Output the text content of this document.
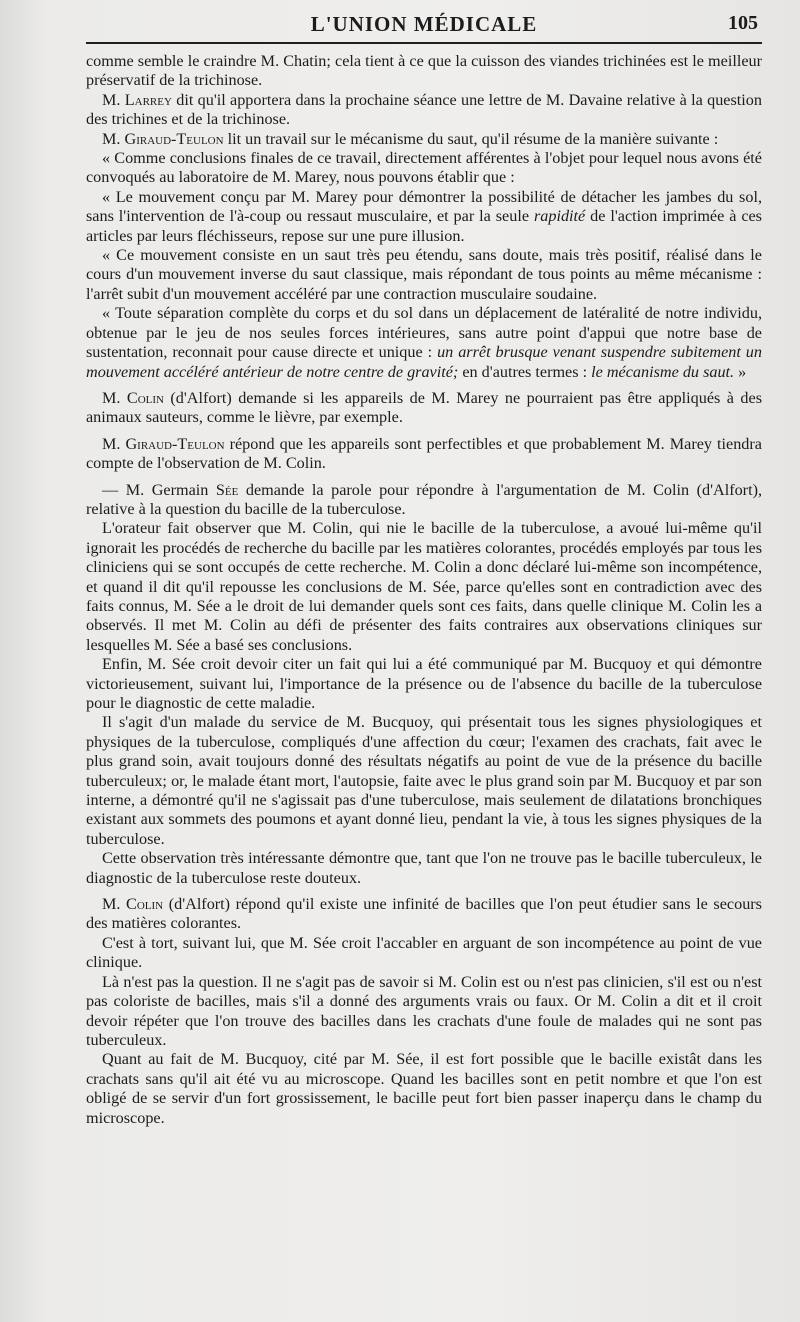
L'UNION MÉDICALE	105

comme semble le craindre M. Chatin; cela tient à ce que la cuisson des viandes trichinées est le meilleur préservatif de la trichinose.

M. Larrey dit qu'il apportera dans la prochaine séance une lettre de M. Davaine relative à la question des trichines et de la trichinose.

M. Giraud-Teulon lit un travail sur le mécanisme du saut, qu'il résume de la manière suivante :

« Comme conclusions finales de ce travail, directement afférentes à l'objet pour lequel nous avons été convoqués au laboratoire de M. Marey, nous pouvons établir que :

« Le mouvement conçu par M. Marey pour démontrer la possibilité de détacher les jambes du sol, sans l'intervention de l'à-coup ou ressaut musculaire, et par la seule rapidité de l'action imprimée à ces articles par leurs fléchisseurs, repose sur une pure illusion.

« Ce mouvement consiste en un saut très peu étendu, sans doute, mais très positif, réalisé dans le cours d'un mouvement inverse du saut classique, mais répondant de tous points au même mécanisme : l'arrêt subit d'un mouvement accéléré par une contraction musculaire soudaine.

« Toute séparation complète du corps et du sol dans un déplacement de latéralité de notre individu, obtenue par le jeu de nos seules forces intérieures, sans autre point d'appui que notre base de sustentation, reconnait pour cause directe et unique : un arrêt brusque venant suspendre subitement un mouvement accéléré antérieur de notre centre de gravité; en d'autres termes : le mécanisme du saut. »

M. Colin (d'Alfort) demande si les appareils de M. Marey ne pourraient pas être appliqués à des animaux sauteurs, comme le lièvre, par exemple.

M. Giraud-Teulon répond que les appareils sont perfectibles et que probablement M. Marey tiendra compte de l'observation de M. Colin.

— M. Germain Sée demande la parole pour répondre à l'argumentation de M. Colin (d'Alfort), relative à la question du bacille de la tuberculose.

L'orateur fait observer que M. Colin, qui nie le bacille de la tuberculose, a avoué lui-même qu'il ignorait les procédés de recherche du bacille par les matières colorantes, procédés employés par tous les cliniciens qui se sont occupés de cette recherche. M. Colin a donc déclaré lui-même son incompétence, et quand il dit qu'il repousse les conclusions de M. Sée, parce qu'elles sont en contradiction avec des faits connus, M. Sée a le droit de lui demander quels sont ces faits, dans quelle clinique M. Colin les a observés. Il met M. Colin au défi de présenter des faits contraires aux observations cliniques sur lesquelles M. Sée a basé ses conclusions.

Enfin, M. Sée croit devoir citer un fait qui lui a été communiqué par M. Bucquoy et qui démontre victorieusement, suivant lui, l'importance de la présence ou de l'absence du bacille de la tuberculose pour le diagnostic de cette maladie.

Il s'agit d'un malade du service de M. Bucquoy, qui présentait tous les signes physiologiques et physiques de la tuberculose, compliqués d'une affection du cœur; l'examen des crachats, fait avec le plus grand soin, avait toujours donné des résultats négatifs au point de vue de la présence du bacille tuberculeux; or, le malade étant mort, l'autopsie, faite avec le plus grand soin par M. Bucquoy et par son interne, a démontré qu'il ne s'agissait pas d'une tuberculose, mais seulement de dilatations bronchiques existant aux sommets des poumons et ayant donné lieu, pendant la vie, à tous les signes physiques de la tuberculose.

Cette observation très intéressante démontre que, tant que l'on ne trouve pas le bacille tuberculeux, le diagnostic de la tuberculose reste douteux.

M. Colin (d'Alfort) répond qu'il existe une infinité de bacilles que l'on peut étudier sans le secours des matières colorantes.

C'est à tort, suivant lui, que M. Sée croit l'accabler en arguant de son incompétence au point de vue clinique.

Là n'est pas la question. Il ne s'agit pas de savoir si M. Colin est ou n'est pas clinicien, s'il est ou n'est pas coloriste de bacilles, mais s'il a donné des arguments vrais ou faux. Or M. Colin a dit et il croit devoir répéter que l'on trouve des bacilles dans les crachats d'une foule de malades qui ne sont pas tuberculeux.

Quant au fait de M. Bucquoy, cité par M. Sée, il est fort possible que le bacille existât dans les crachats sans qu'il ait été vu au microscope. Quand les bacilles sont en petit nombre et que l'on est obligé de se servir d'un fort grossissement, le bacille peut fort bien passer inaperçu dans le champ du microscope.
